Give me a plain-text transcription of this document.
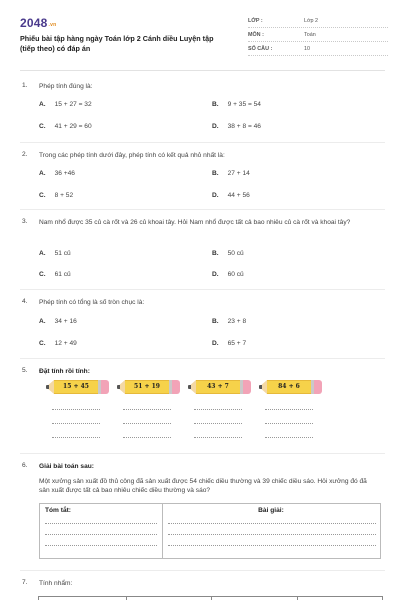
$2048^{.vn}$
Phiếu bài tập hàng ngày Toán lớp 2 Cánh diều Luyện tập (tiếp theo) có đáp án
LỚP :	Lớp 2
MÔN :	Toán
SỐ CÂU :	10
1. Phép tính đúng là:
A. 15 + 27 = 32	B. 9 + 35 = 54
C. 41 + 29 = 60	D. 38 + 8 = 46
2. Trong các phép tính dưới đây, phép tính có kết quả nhỏ nhất là:
A. 36 +46	B. 27 + 14
C. 8 + 52	D. 44 + 56
3. Nam nhổ được 35 củ cà rốt và 26 củ khoai tây. Hỏi Nam nhổ được tất cả bao nhiêu củ cà rốt và khoai tây?
A. 51 củ	B. 50 củ
C. 61 củ	D. 60 củ
4. Phép tính có tổng là số tròn chục là:
A. 34 + 16	B. 23 + 8
C. 12 + 49	D. 65 + 7
5. Đặt tính rồi tính:
15 + 45	51 + 19	43 + 7	84 + 6
6. Giải bài toán sau:
Một xưởng sản xuất đồ thủ công đã sản xuất được 54 chiếc diều thường và 39 chiếc diều sáo. Hỏi xưởng đó đã sản xuất được tất cả bao nhiêu chiếc diều thường và sáo?
Tóm tắt:	Bài giải:
7. Tính nhẩm:
